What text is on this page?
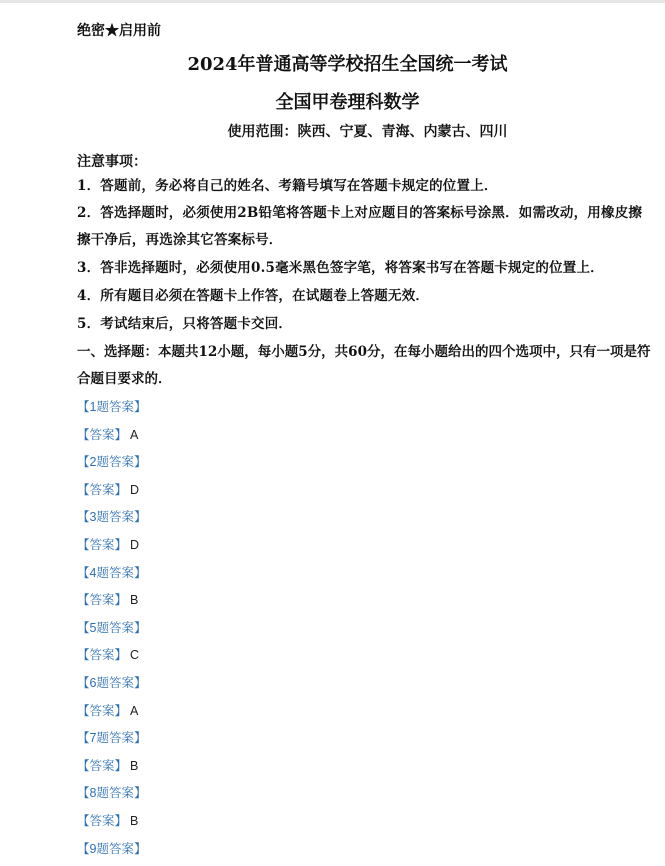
绝密★启用前
2024年普通高等学校招生全国统一考试
全国甲卷理科数学
使用范围：陕西、宁夏、青海、内蒙古、四川
注意事项：
1．答题前，务必将自己的姓名、考籍号填写在答题卡规定的位置上．
2．答选择题时，必须使用2B铅笔将答题卡上对应题目的答案标号涂黑．如需改动，用橡皮擦擦干净后，再选涂其它答案标号．
3．答非选择题时，必须使用0.5毫米黑色签字笔，将答案书写在答题卡规定的位置上．
4．所有题目必须在答题卡上作答，在试题卷上答题无效．
5．考试结束后，只将答题卡交回．
一、选择题：本题共12小题，每小题5分，共60分，在每小题给出的四个选项中，只有一项是符合题目要求的．
【1题答案】
【答案】 A
【2题答案】
【答案】 D
【3题答案】
【答案】 D
【4题答案】
【答案】 B
【5题答案】
【答案】 C
【6题答案】
【答案】 A
【7题答案】
【答案】 B
【8题答案】
【答案】 B
【9题答案】
